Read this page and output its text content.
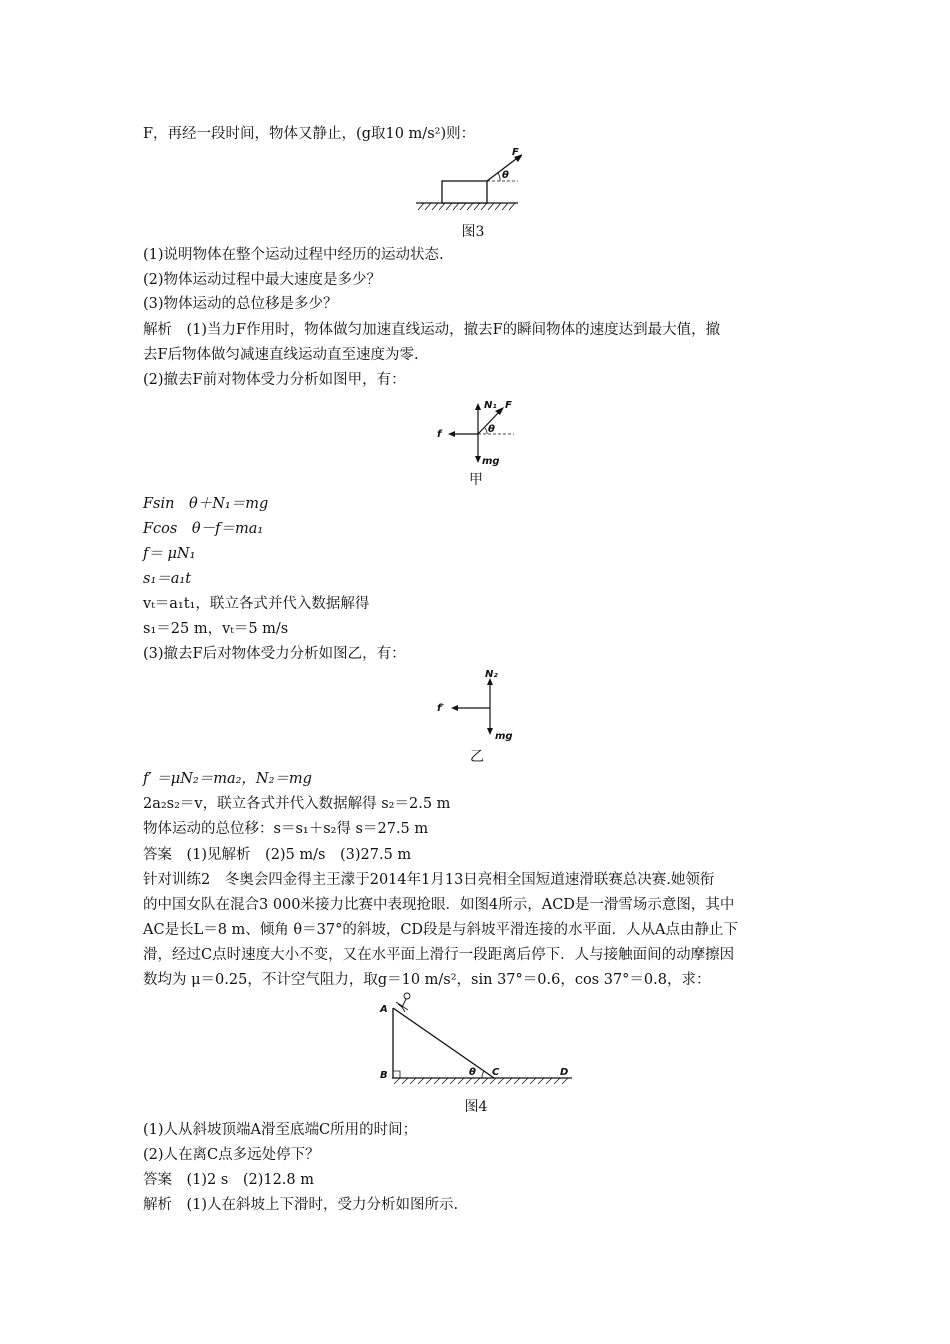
F，再经一段时间，物体又静止，(g取10 m/s²)则：
θ
F
图3
(1)说明物体在整个运动过程中经历的运动状态.
(2)物体运动过程中最大速度是多少？
(3)物体运动的总位移是多少？
解析　(1)当力F作用时，物体做匀加速直线运动，撤去F的瞬间物体的速度达到最大值，撤
去F后物体做匀减速直线运动直至速度为零.
(2)撤去F前对物体受力分析如图甲，有：
N₁ F
f	θ
mg
甲
Fsin　θ＋N₁＝mg
Fcos　θ－f＝ma₁
f＝ μN₁
s₁＝a₁t
vₜ＝a₁t₁，联立各式并代入数据解得
s₁＝25 m，vₜ＝5 m/s
(3)撤去F后对物体受力分析如图乙，有：
N₂
f′
mg
乙
f′ ＝μN₂＝ma₂，N₂＝mg
2a₂s₂＝v，联立各式并代入数据解得 s₂＝2.5 m
物体运动的总位移：s＝s₁＋s₂得 s＝27.5 m
答案　(1)见解析　(2)5 m/s　(3)27.5 m
针对训练2　冬奥会四金得主王濛于2014年1月13日亮相全国短道速滑联赛总决赛.她领衔
的中国女队在混合3 000米接力比赛中表现抢眼．如图4所示，ACD是一滑雪场示意图，其中
AC是长L＝8 m、倾角 θ＝37°的斜坡，CD段是与斜坡平滑连接的水平面．人从A点由静止下
滑，经过C点时速度大小不变，又在水平面上滑行一段距离后停下．人与接触面间的动摩擦因
数均为 μ＝0.25，不计空气阻力，取g＝10 m/s²，sin 37°＝0.6，cos 37°＝0.8，求：
A
B	C	D
θ
图4
(1)人从斜坡顶端A滑至底端C所用的时间；
(2)人在离C点多远处停下？
答案　(1)2 s　(2)12.8 m
解析　(1)人在斜坡上下滑时，受力分析如图所示.
